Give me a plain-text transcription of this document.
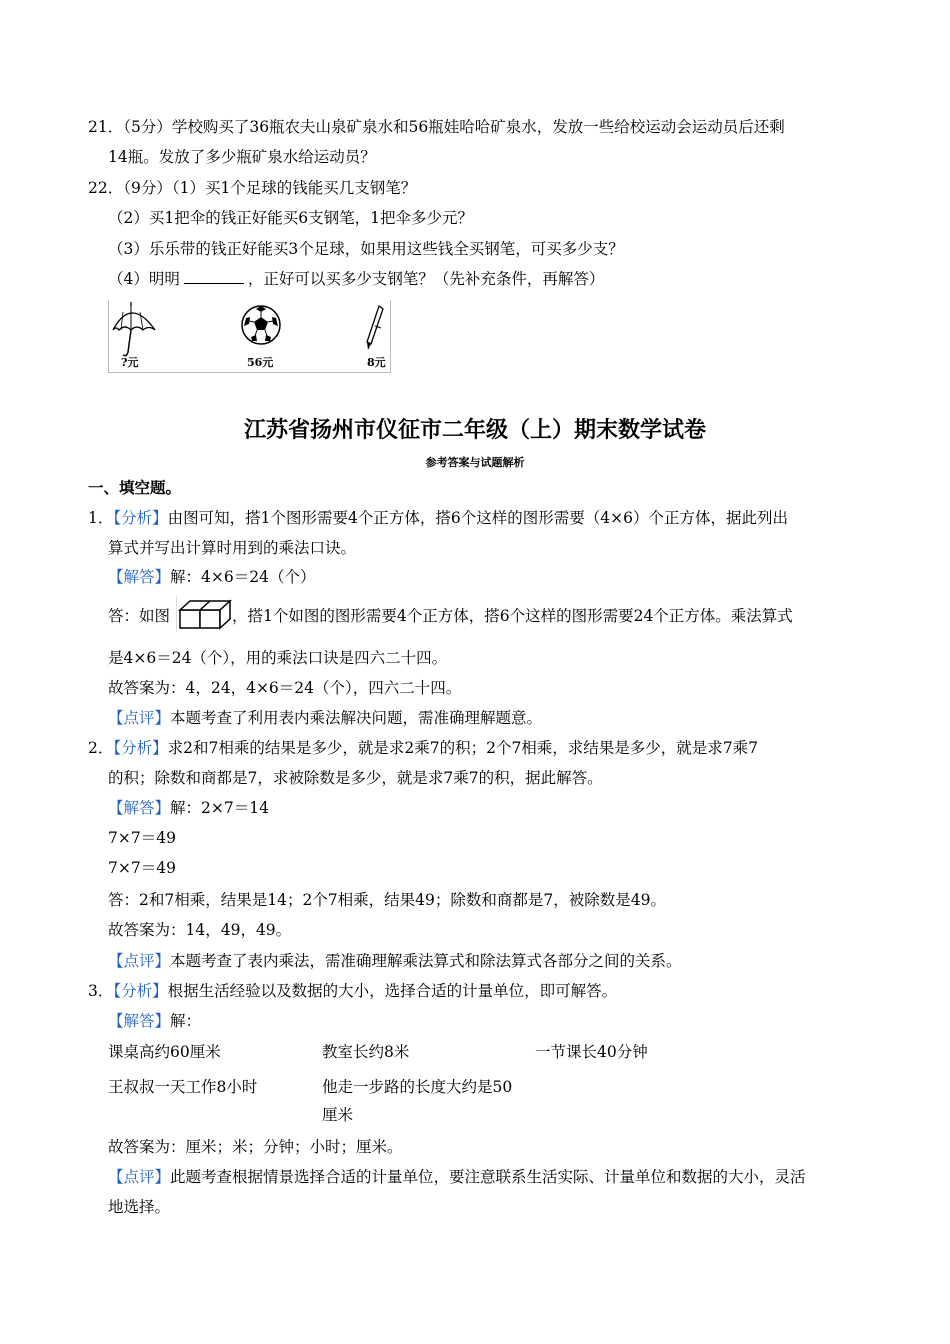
21．（5分）学校购买了36瓶农夫山泉矿泉水和56瓶娃哈哈矿泉水，发放一些给校运动会运动员后还剩
14瓶。发放了多少瓶矿泉水给运动员？
22．（9分）（1）买1个足球的钱能买几支钢笔？
（2）买1把伞的钱正好能买6支钢笔，1把伞多少元？
（3）乐乐带的钱正好能买3个足球，如果用这些钱全买钢笔，可买多少支？
（4）明明	，正好可以买多少支钢笔？（先补充条件，再解答）
?元	56元	8元
江苏省扬州市仪征市二年级（上）期末数学试卷
参考答案与试题解析
一、填空题。
1．【分析】由图可知，搭1个图形需要4个正方体，搭6个这样的图形需要（4×6）个正方体，据此列出
算式并写出计算时用到的乘法口诀。
【解答】解：4×6＝24（个）
答：如图	，搭1个如图的图形需要4个正方体，搭6个这样的图形需要24个正方体。乘法算式
是4×6＝24（个），用的乘法口诀是四六二十四。
故答案为：4，24，4×6＝24（个），四六二十四。
【点评】本题考查了利用表内乘法解决问题，需准确理解题意。
2．【分析】求2和7相乘的结果是多少，就是求2乘7的积；2个7相乘，求结果是多少，就是求7乘7
的积；除数和商都是7，求被除数是多少，就是求7乘7的积，据此解答。
【解答】解：2×7＝14
7×7＝49
7×7＝49
答：2和7相乘，结果是14；2个7相乘，结果49；除数和商都是7，被除数是49。
故答案为：14，49，49。
【点评】本题考查了表内乘法，需准确理解乘法算式和除法算式各部分之间的关系。
3．【分析】根据生活经验以及数据的大小，选择合适的计量单位，即可解答。
【解答】解：
课桌高约60厘米	教室长约8米	一节课长40分钟
王叔叔一天工作8小时	他走一步路的长度大约是50
厘米
故答案为：厘米；米；分钟；小时；厘米。
【点评】此题考查根据情景选择合适的计量单位，要注意联系生活实际、计量单位和数据的大小，灵活
地选择。
